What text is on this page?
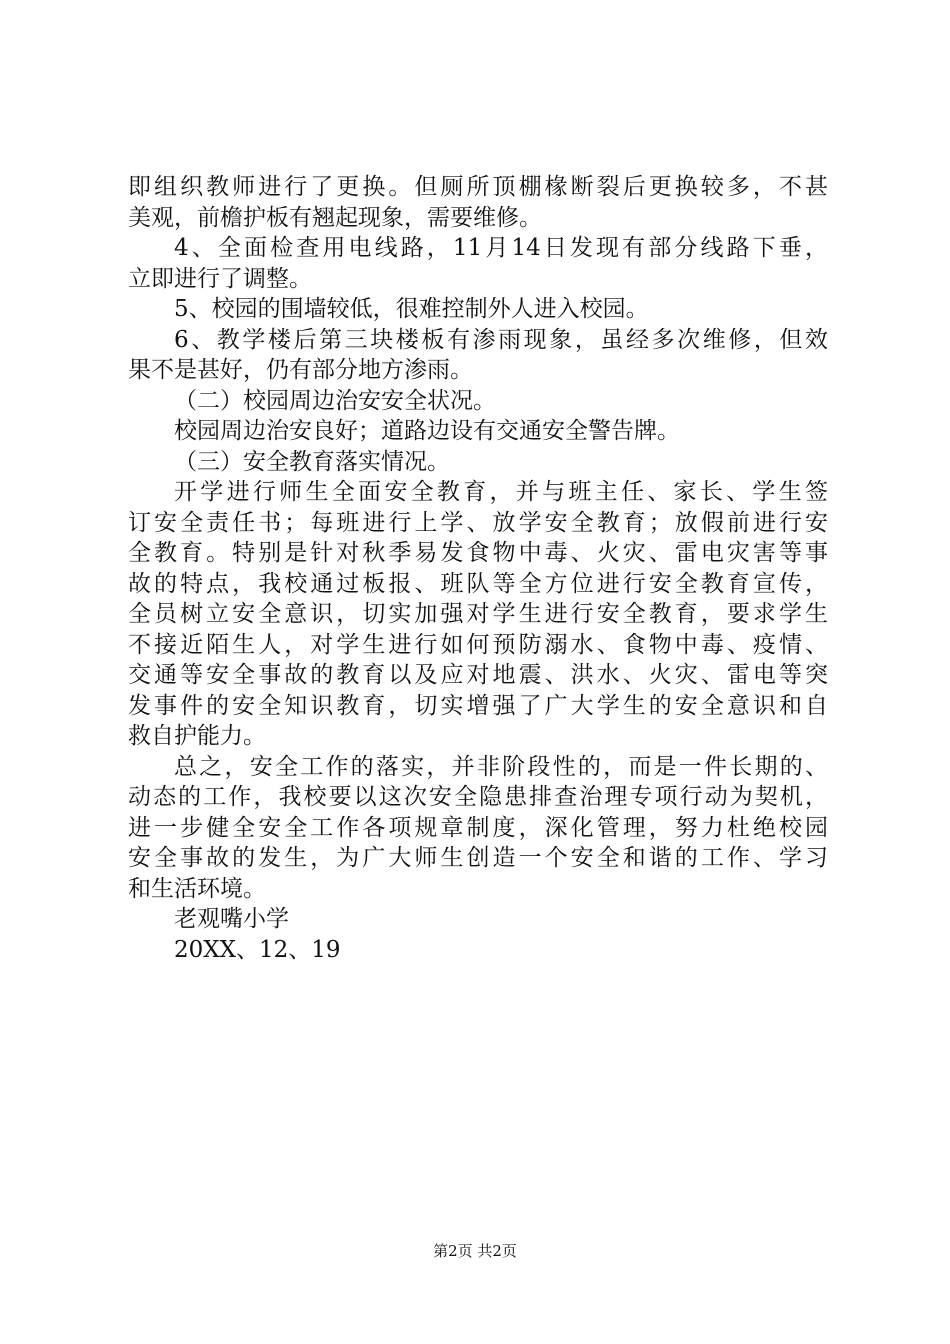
即组织教师进行了更换。但厕所顶棚椽断裂后更换较多，不甚
美观，前檐护板有翘起现象，需要维修。
4、全面检查用电线路，11月14日发现有部分线路下垂，
立即进行了调整。
5、校园的围墙较低，很难控制外人进入校园。
6、教学楼后第三块楼板有渗雨现象，虽经多次维修，但效
果不是甚好，仍有部分地方渗雨。
（二）校园周边治安安全状况。
校园周边治安良好；道路边设有交通安全警告牌。
（三）安全教育落实情况。
开学进行师生全面安全教育，并与班主任、家长、学生签
订安全责任书；每班进行上学、放学安全教育；放假前进行安
全教育。特别是针对秋季易发食物中毒、火灾、雷电灾害等事
故的特点，我校通过板报、班队等全方位进行安全教育宣传，
全员树立安全意识，切实加强对学生进行安全教育，要求学生
不接近陌生人，对学生进行如何预防溺水、食物中毒、疫情、
交通等安全事故的教育以及应对地震、洪水、火灾、雷电等突
发事件的安全知识教育，切实增强了广大学生的安全意识和自
救自护能力。
总之，安全工作的落实，并非阶段性的，而是一件长期的、
动态的工作，我校要以这次安全隐患排查治理专项行动为契机，
进一步健全安全工作各项规章制度，深化管理，努力杜绝校园
安全事故的发生，为广大师生创造一个安全和谐的工作、学习
和生活环境。
老观嘴小学
20XX、12、19
第2页 共2页
